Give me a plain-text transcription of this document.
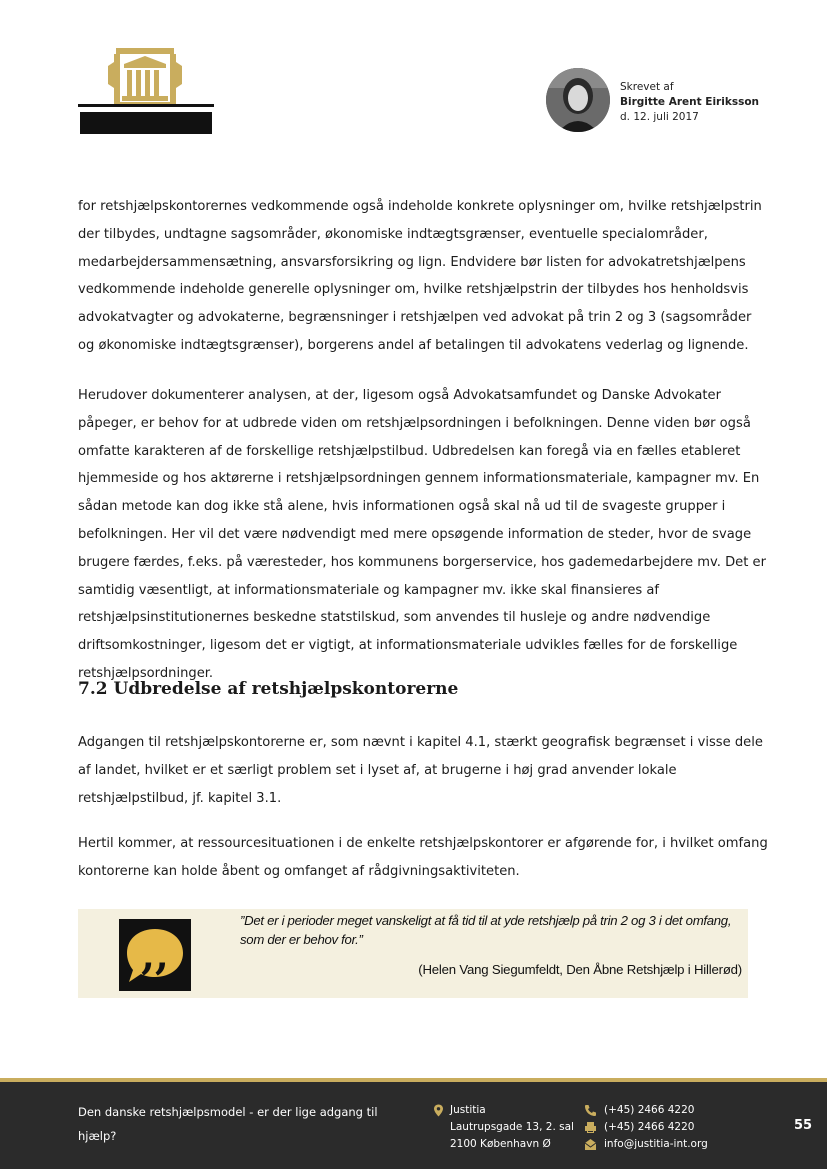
Skrevet af
Birgitte Arent Eiriksson
d. 12. juli 2017

for retshjælpskontorernes vedkommende også indeholde konkrete oplysninger om, hvilke retshjælpstrin der tilbydes, undtagne sagsområder, økonomiske indtægtsgrænser, eventuelle specialområder, medarbejdersammensætning, ansvarsforsikring og lign. Endvidere bør listen for advokatretshjælpens vedkommende indeholde generelle oplysninger om, hvilke retshjælpstrin der tilbydes hos henholdsvis advokatvagter og advokaterne, begrænsninger i retshjælpen ved advokat på trin 2 og 3 (sagsområder og økonomiske indtægtsgrænser), borgerens andel af betalingen til advokatens vederlag og lignende.

Herudover dokumenterer analysen, at der, ligesom også Advokatsamfundet og Danske Advokater påpeger, er behov for at udbrede viden om retshjælpsordningen i befolkningen. Denne viden bør også omfatte karakteren af de forskellige retshjælpstilbud. Udbredelsen kan foregå via en fælles etableret hjemmeside og hos aktørerne i retshjælpsordningen gennem informationsmateriale, kampagner mv. En sådan metode kan dog ikke stå alene, hvis informationen også skal nå ud til de svageste grupper i befolkningen. Her vil det være nødvendigt med mere opsøgende information de steder, hvor de svage brugere færdes, f.eks. på væresteder, hos kommunens borgerservice, hos gademedarbejdere mv. Det er samtidig væsentligt, at informationsmateriale og kampagner mv. ikke skal finansieres af retshjælpsinstitutionernes beskedne statstilskud, som anvendes til husleje og andre nødvendige driftsomkostninger, ligesom det er vigtigt, at informationsmateriale udvikles fælles for de forskellige retshjælpsordninger.

7.2 Udbredelse af retshjælpskontorerne

Adgangen til retshjælpskontorerne er, som nævnt i kapitel 4.1, stærkt geografisk begrænset i visse dele af landet, hvilket er et særligt problem set i lyset af, at brugerne i høj grad anvender lokale retshjælpstilbud, jf. kapitel 3.1.

Hertil kommer, at ressourcesituationen i de enkelte retshjælpskontorer er afgørende for, i hvilket omfang kontorerne kan holde åbent og omfanget af rådgivningsaktiviteten.

,,
”Det er i perioder meget vanskeligt at få tid til at yde retshjælp på trin 2 og 3 i det omfang, som der er behov for.”
(Helen Vang Siegumfeldt, Den Åbne Retshjælp i Hillerød)
Den danske retshjælpsmodel - er der lige adgang til hjælp?
Justitia
Lautrupsgade 13, 2. sal
2100 København Ø
(+45) 2466 4220
(+45) 2466 4220
info@justitia-int.org
55
